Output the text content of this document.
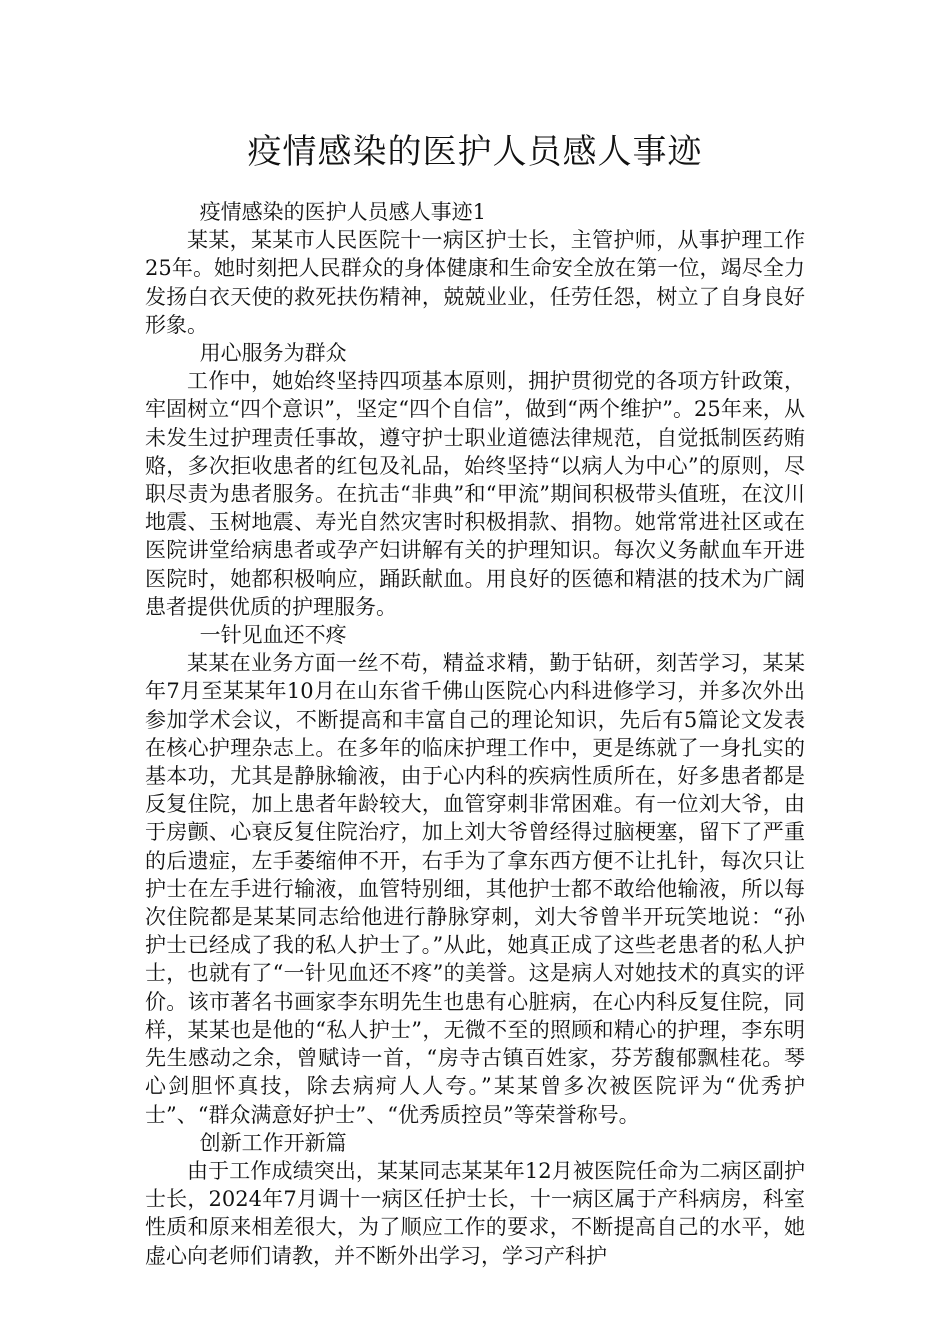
疫情感染的医护人员感人事迹

疫情感染的医护人员感人事迹1

某某，某某市人民医院十一病区护士长，主管护师，从事护理工作25年。她时刻把人民群众的身体健康和生命安全放在第一位，竭尽全力发扬白衣天使的救死扶伤精神，兢兢业业，任劳任怨，树立了自身良好形象。

用心服务为群众

工作中，她始终坚持四项基本原则，拥护贯彻党的各项方针政策，牢固树立“四个意识”，坚定“四个自信”，做到“两个维护”。25年来，从未发生过护理责任事故，遵守护士职业道德法律规范，自觉抵制医药贿赂，多次拒收患者的红包及礼品，始终坚持“以病人为中心”的原则，尽职尽责为患者服务。在抗击“非典”和“甲流”期间积极带头值班，在汶川地震、玉树地震、寿光自然灾害时积极捐款、捐物。她常常进社区或在医院讲堂给病患者或孕产妇讲解有关的护理知识。每次义务献血车开进医院时，她都积极响应，踊跃献血。用良好的医德和精湛的技术为广阔患者提供优质的护理服务。

一针见血还不疼

某某在业务方面一丝不苟，精益求精，勤于钻研，刻苦学习，某某年7月至某某年10月在山东省千佛山医院心内科进修学习，并多次外出参加学术会议，不断提高和丰富自己的理论知识，先后有5篇论文发表在核心护理杂志上。在多年的临床护理工作中，更是练就了一身扎实的基本功，尤其是静脉输液，由于心内科的疾病性质所在，好多患者都是反复住院，加上患者年龄较大，血管穿刺非常困难。有一位刘大爷，由于房颤、心衰反复住院治疗，加上刘大爷曾经得过脑梗塞，留下了严重的后遗症，左手萎缩伸不开，右手为了拿东西方便不让扎针，每次只让护士在左手进行输液，血管特别细，其他护士都不敢给他输液，所以每次住院都是某某同志给他进行静脉穿刺，刘大爷曾半开玩笑地说：“孙护士已经成了我的私人护士了。”从此，她真正成了这些老患者的私人护士，也就有了“一针见血还不疼”的美誉。这是病人对她技术的真实的评价。该市著名书画家李东明先生也患有心脏病，在心内科反复住院，同样，某某也是他的“私人护士”，无微不至的照顾和精心的护理，李东明先生感动之余，曾赋诗一首，“房寺古镇百姓家，芬芳馥郁飘桂花。琴心剑胆怀真技，除去病疴人人夸。”某某曾多次被医院评为“优秀护士”、“群众满意好护士”、“优秀质控员”等荣誉称号。

创新工作开新篇

由于工作成绩突出，某某同志某某年12月被医院任命为二病区副护士长，2024年7月调十一病区任护士长，十一病区属于产科病房，科室性质和原来相差很大，为了顺应工作的要求，不断提高自己的水平，她虚心向老师们请教，并不断外出学习，学习产科护
